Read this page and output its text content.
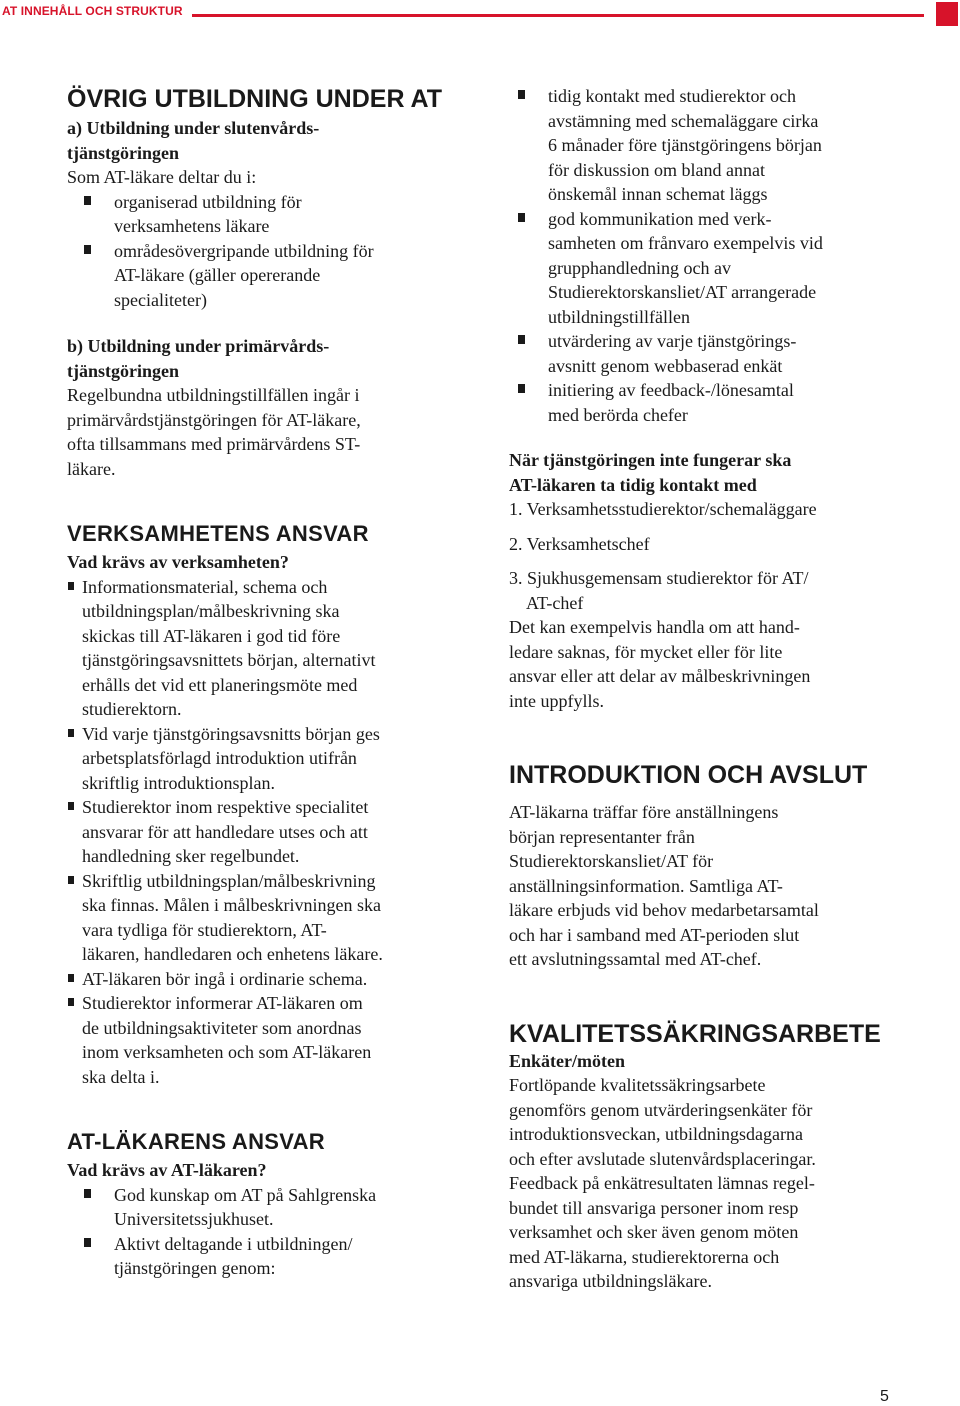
AT INNEHÅLL OCH STRUKTUR
ÖVRIG UTBILDNING UNDER AT
a) Utbildning under slutenvårds-
tjänstgöringen
Som AT-läkare deltar du i:
organiserad utbildning för
verksamhetens läkare
områdesövergripande utbildning för
AT-läkare (gäller opererande
specialiteter)
b) Utbildning under primärvårds-
tjänstgöringen
Regelbundna utbildningstillfällen ingår i
primärvårdstjänstgöringen för AT-läkare,
ofta tillsammans med primärvårdens ST-
läkare.
VERKSAMHETENS ANSVAR
Vad krävs av verksamheten?
Informationsmaterial, schema och
utbildningsplan/målbeskrivning ska
skickas till AT-läkaren i god tid före
tjänstgöringsavsnittets början, alternativt
erhålls det vid ett planeringsmöte med
studierektorn.
Vid varje tjänstgöringsavsnitts början ges
arbetsplatsförlagd introduktion utifrån
skriftlig introduktionsplan.
Studierektor inom respektive specialitet
ansvarar för att handledare utses och att
handledning sker regelbundet.
Skriftlig utbildningsplan/målbeskrivning
ska finnas. Målen i målbeskrivningen ska
vara tydliga för studierektorn, AT-
läkaren, handledaren och enhetens läkare.
AT-läkaren bör ingå i ordinarie schema.
Studierektor informerar AT-läkaren om
de utbildningsaktiviteter som anordnas
inom verksamheten och som AT-läkaren
ska delta i.
AT-LÄKARENS ANSVAR
Vad krävs av AT-läkaren?
God kunskap om AT på Sahlgrenska
Universitetssjukhuset.
Aktivt deltagande i utbildningen/
tjänstgöringen genom:
tidig kontakt med studierektor och
avstämning med schemaläggare cirka
6 månader före tjänstgöringens början
för diskussion om bland annat
önskemål innan schemat läggs
god kommunikation med verk-
samheten om frånvaro exempelvis vid
grupphandledning och av
Studierektorskansliet/AT arrangerade
utbildningstillfällen
utvärdering av varje tjänstgörings-
avsnitt genom webbaserad enkät
initiering av feedback-/lönesamtal
med berörda chefer
När tjänstgöringen inte fungerar ska
AT-läkaren ta tidig kontakt med
1. Verksamhetsstudierektor/schemaläggare
2. Verksamhetschef
3. Sjukhusgemensam studierektor för AT/
AT-chef
Det kan exempelvis handla om att hand-
ledare saknas, för mycket eller för lite
ansvar eller att delar av målbeskrivningen
inte uppfylls.
INTRODUKTION OCH AVSLUT
AT-läkarna träffar före anställningens
början representanter från
Studierektorskansliet/AT för
anställningsinformation. Samtliga AT-
läkare erbjuds vid behov medarbetarsamtal
och har i samband med AT-perioden slut
ett avslutningssamtal med AT-chef.
KVALITETSSÄKRINGSARBETE
Enkäter/möten
Fortlöpande kvalitetssäkringsarbete
genomförs genom utvärderingsenkäter för
introduktionsveckan, utbildningsdagarna
och efter avslutade slutenvårdsplaceringar.
Feedback på enkätresultaten lämnas regel-
bundet till ansvariga personer inom resp
verksamhet och sker även genom möten
med AT-läkarna, studierektorerna och
ansvariga utbildningsläkare.
5
